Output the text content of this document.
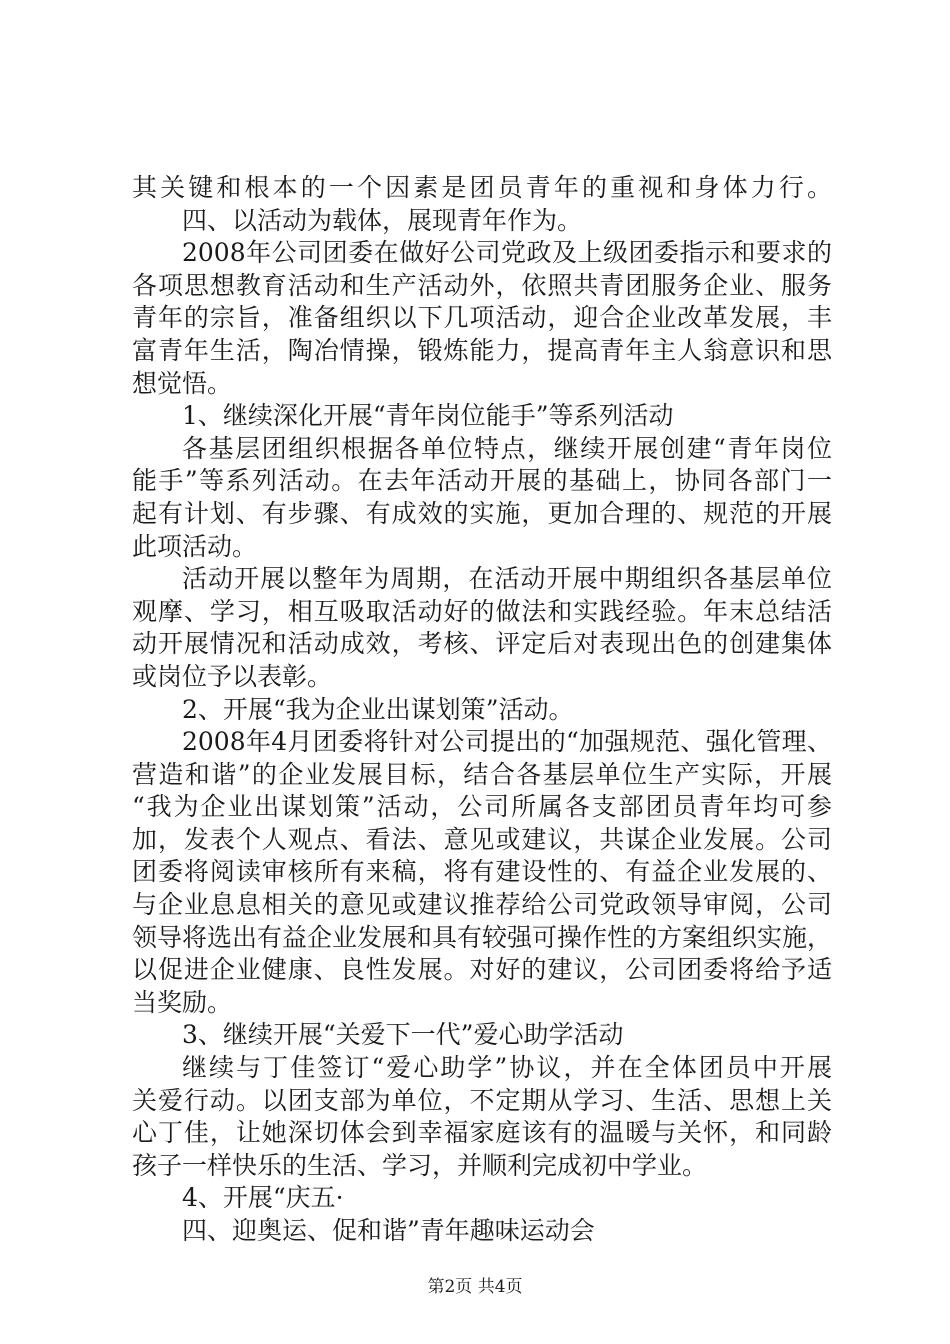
其关键和根本的一个因素是团员青年的重视和身体力行。
四、以活动为载体，展现青年作为。
2008年公司团委在做好公司党政及上级团委指示和要求的
各项思想教育活动和生产活动外，依照共青团服务企业、服务
青年的宗旨，准备组织以下几项活动，迎合企业改革发展，丰
富青年生活，陶冶情操，锻炼能力，提高青年主人翁意识和思
想觉悟。
1、继续深化开展“青年岗位能手”等系列活动
各基层团组织根据各单位特点，继续开展创建“青年岗位
能手”等系列活动。在去年活动开展的基础上，协同各部门一
起有计划、有步骤、有成效的实施，更加合理的、规范的开展
此项活动。
活动开展以整年为周期，在活动开展中期组织各基层单位
观摩、学习，相互吸取活动好的做法和实践经验。年末总结活
动开展情况和活动成效，考核、评定后对表现出色的创建集体
或岗位予以表彰。
2、开展“我为企业出谋划策”活动。
2008年4月团委将针对公司提出的“加强规范、强化管理、
营造和谐”的企业发展目标，结合各基层单位生产实际，开展
“我为企业出谋划策”活动，公司所属各支部团员青年均可参
加，发表个人观点、看法、意见或建议，共谋企业发展。公司
团委将阅读审核所有来稿，将有建设性的、有益企业发展的、
与企业息息相关的意见或建议推荐给公司党政领导审阅，公司
领导将选出有益企业发展和具有较强可操作性的方案组织实施，
以促进企业健康、良性发展。对好的建议，公司团委将给予适
当奖励。
3、继续开展“关爱下一代”爱心助学活动
继续与丁佳签订“爱心助学”协议，并在全体团员中开展
关爱行动。以团支部为单位，不定期从学习、生活、思想上关
心丁佳，让她深切体会到幸福家庭该有的温暖与关怀，和同龄
孩子一样快乐的生活、学习，并顺利完成初中学业。
4、开展“庆五·
四、迎奥运、促和谐”青年趣味运动会
第2页 共4页
